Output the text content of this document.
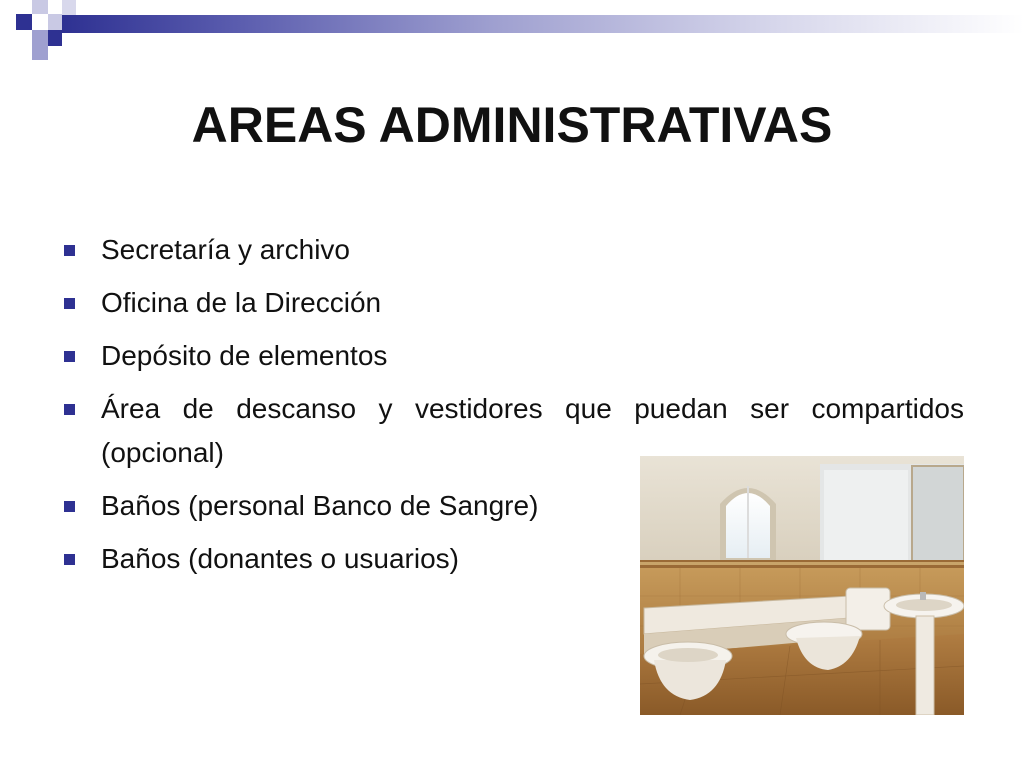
AREAS ADMINISTRATIVAS
Secretaría y archivo
Oficina de la Dirección
Depósito de elementos
Área de descanso y vestidores que puedan ser compartidos (opcional)
Baños (personal Banco de Sangre)
Baños (donantes o usuarios)
